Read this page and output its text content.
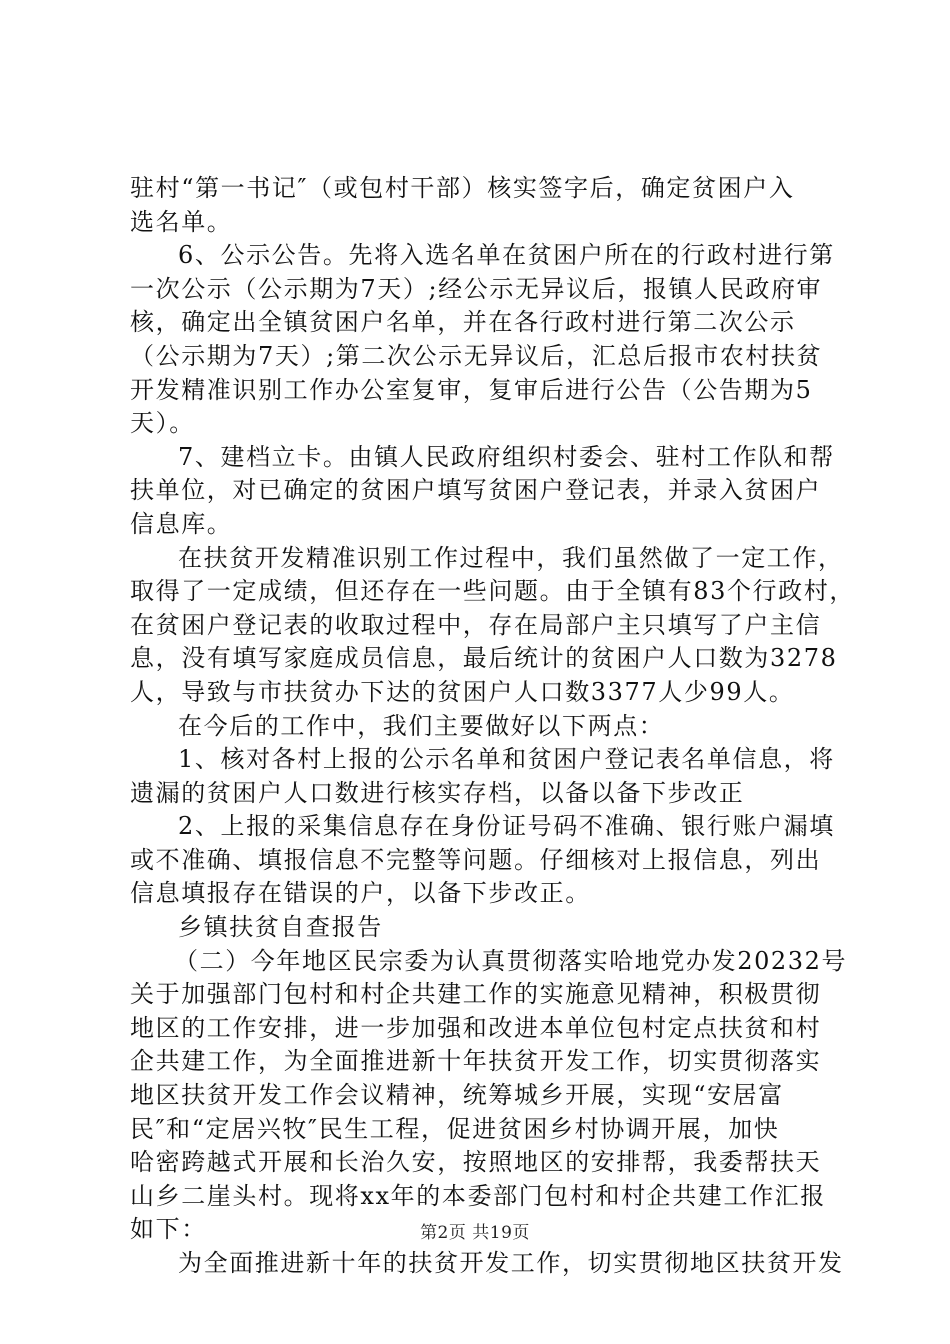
驻村“第一书记″（或包村干部）核实签字后，确定贫困户入
选名单。
6、公示公告。先将入选名单在贫困户所在的行政村进行第
一次公示（公示期为7天）;经公示无异议后，报镇人民政府审
核，确定出全镇贫困户名单，并在各行政村进行第二次公示
（公示期为7天）;第二次公示无异议后，汇总后报市农村扶贫
开发精准识别工作办公室复审，复审后进行公告（公告期为5
天）。
7、建档立卡。由镇人民政府组织村委会、驻村工作队和帮
扶单位，对已确定的贫困户填写贫困户登记表，并录入贫困户
信息库。
在扶贫开发精准识别工作过程中，我们虽然做了一定工作，
取得了一定成绩，但还存在一些问题。由于全镇有83个行政村，
在贫困户登记表的收取过程中，存在局部户主只填写了户主信
息，没有填写家庭成员信息，最后统计的贫困户人口数为3278
人，导致与市扶贫办下达的贫困户人口数3377人少99人。
在今后的工作中，我们主要做好以下两点：
1、核对各村上报的公示名单和贫困户登记表名单信息，将
遗漏的贫困户人口数进行核实存档，以备以备下步改正
2、上报的采集信息存在身份证号码不准确、银行账户漏填
或不准确、填报信息不完整等问题。仔细核对上报信息，列出
信息填报存在错误的户，以备下步改正。
乡镇扶贫自查报告
（二）今年地区民宗委为认真贯彻落实哈地党办发20232号
关于加强部门包村和村企共建工作的实施意见精神，积极贯彻
地区的工作安排，进一步加强和改进本单位包村定点扶贫和村
企共建工作，为全面推进新十年扶贫开发工作，切实贯彻落实
地区扶贫开发工作会议精神，统筹城乡开展，实现“安居富
民″和“定居兴牧″民生工程，促进贫困乡村协调开展，加快
哈密跨越式开展和长治久安，按照地区的安排帮，我委帮扶天
山乡二崖头村。现将xx年的本委部门包村和村企共建工作汇报
如下：
为全面推进新十年的扶贫开发工作，切实贯彻地区扶贫开发
第2页 共19页
